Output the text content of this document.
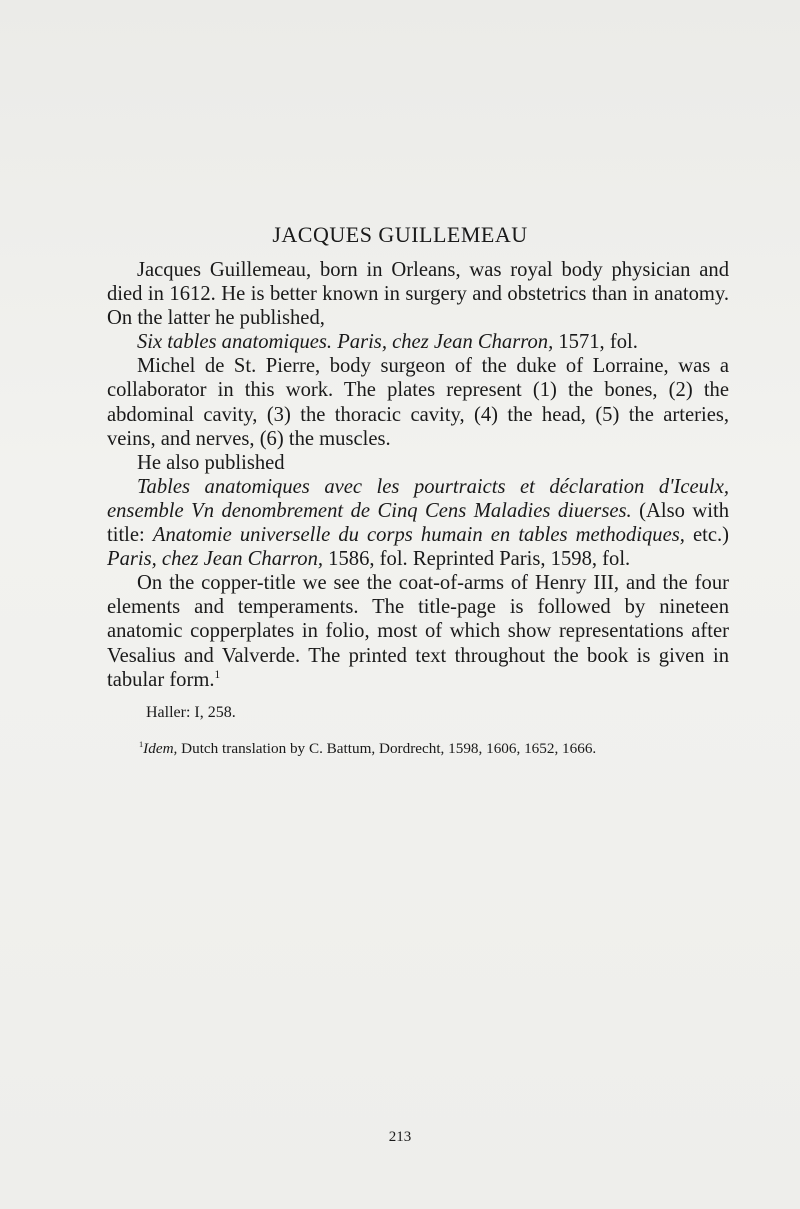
JACQUES GUILLEMEAU

Jacques Guillemeau, born in Orleans, was royal body physician and died in 1612. He is better known in surgery and obstetrics than in anatomy. On the latter he published,

Six tables anatomiques. Paris, chez Jean Charron, 1571, fol.

Michel de St. Pierre, body surgeon of the duke of Lorraine, was a collaborator in this work. The plates represent (1) the bones, (2) the abdominal cavity, (3) the thoracic cavity, (4) the head, (5) the arteries, veins, and nerves, (6) the muscles.

He also published

Tables anatomiques avec les pourtraicts et déclaration d'Iceulx, ensemble Vn denombrement de Cinq Cens Maladies diuerses. (Also with title: Anatomie universelle du corps humain en tables methodiques, etc.) Paris, chez Jean Charron, 1586, fol. Reprinted Paris, 1598, fol.

On the copper-title we see the coat-of-arms of Henry III, and the four elements and temperaments. The title-page is followed by nineteen anatomic copperplates in folio, most of which show representations after Vesalius and Valverde. The printed text throughout the book is given in tabular form.$^1$

Haller: I, 258.
$^1$Idem, Dutch translation by C. Battum, Dordrecht, 1598, 1606, 1652, 1666.
213
